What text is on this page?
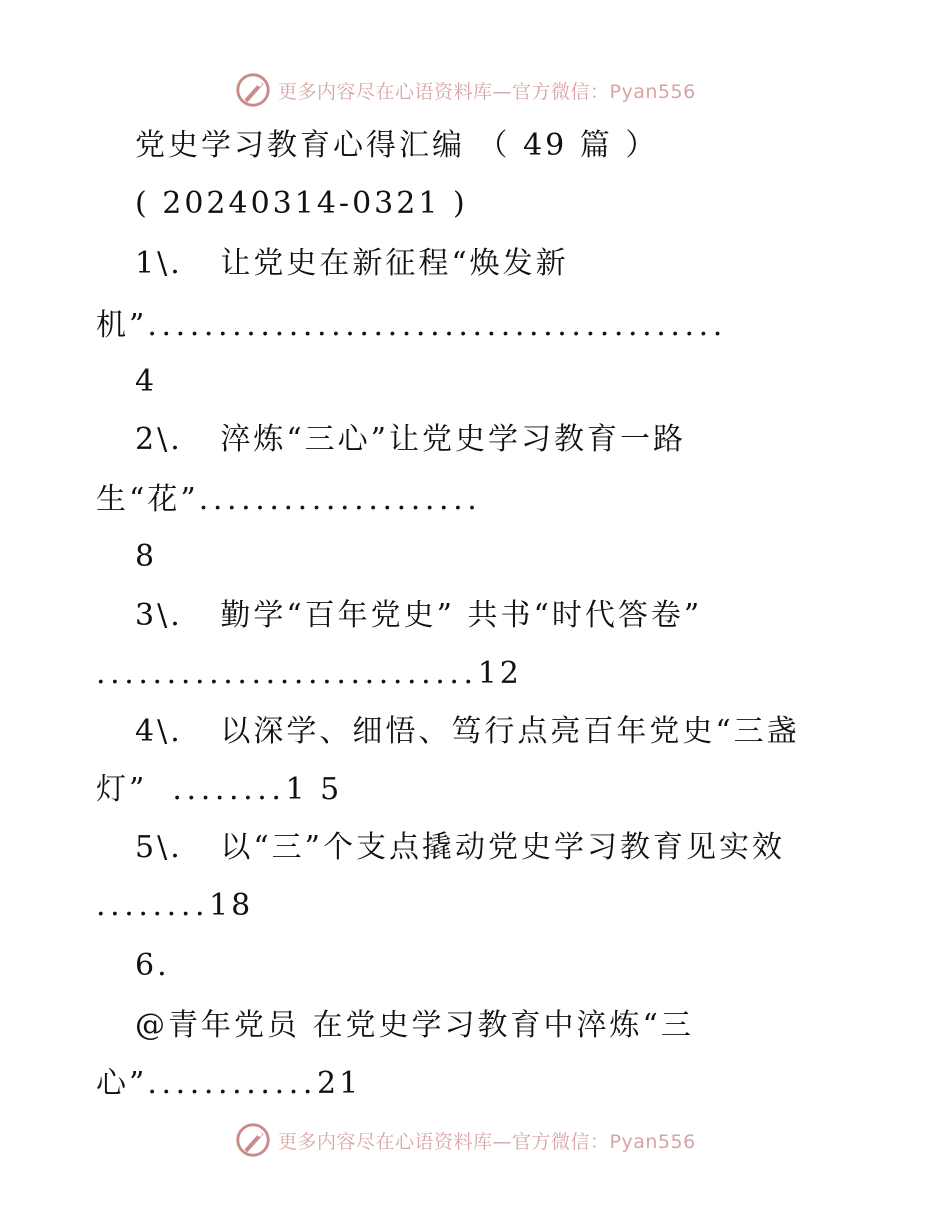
更多内容尽在心语资料库—官方微信：Pyan556
党史学习教育心得汇编 （ 49 篇 ）
( 20240314-0321 )
1\. 让党史在新征程“焕发新
机”.........................................
4
2\. 淬炼“三心”让党史学习教育一路
生“花”....................
8
3\. 勤学“百年党史” 共书“时代答卷”
...........................12
4\. 以深学、细悟、笃行点亮百年党史“三盏
灯” ........1 5
5\. 以“三”个支点撬动党史学习教育见实效
........18
6.
@青年党员 在党史学习教育中淬炼“三
心”............21
更多内容尽在心语资料库—官方微信：Pyan556
